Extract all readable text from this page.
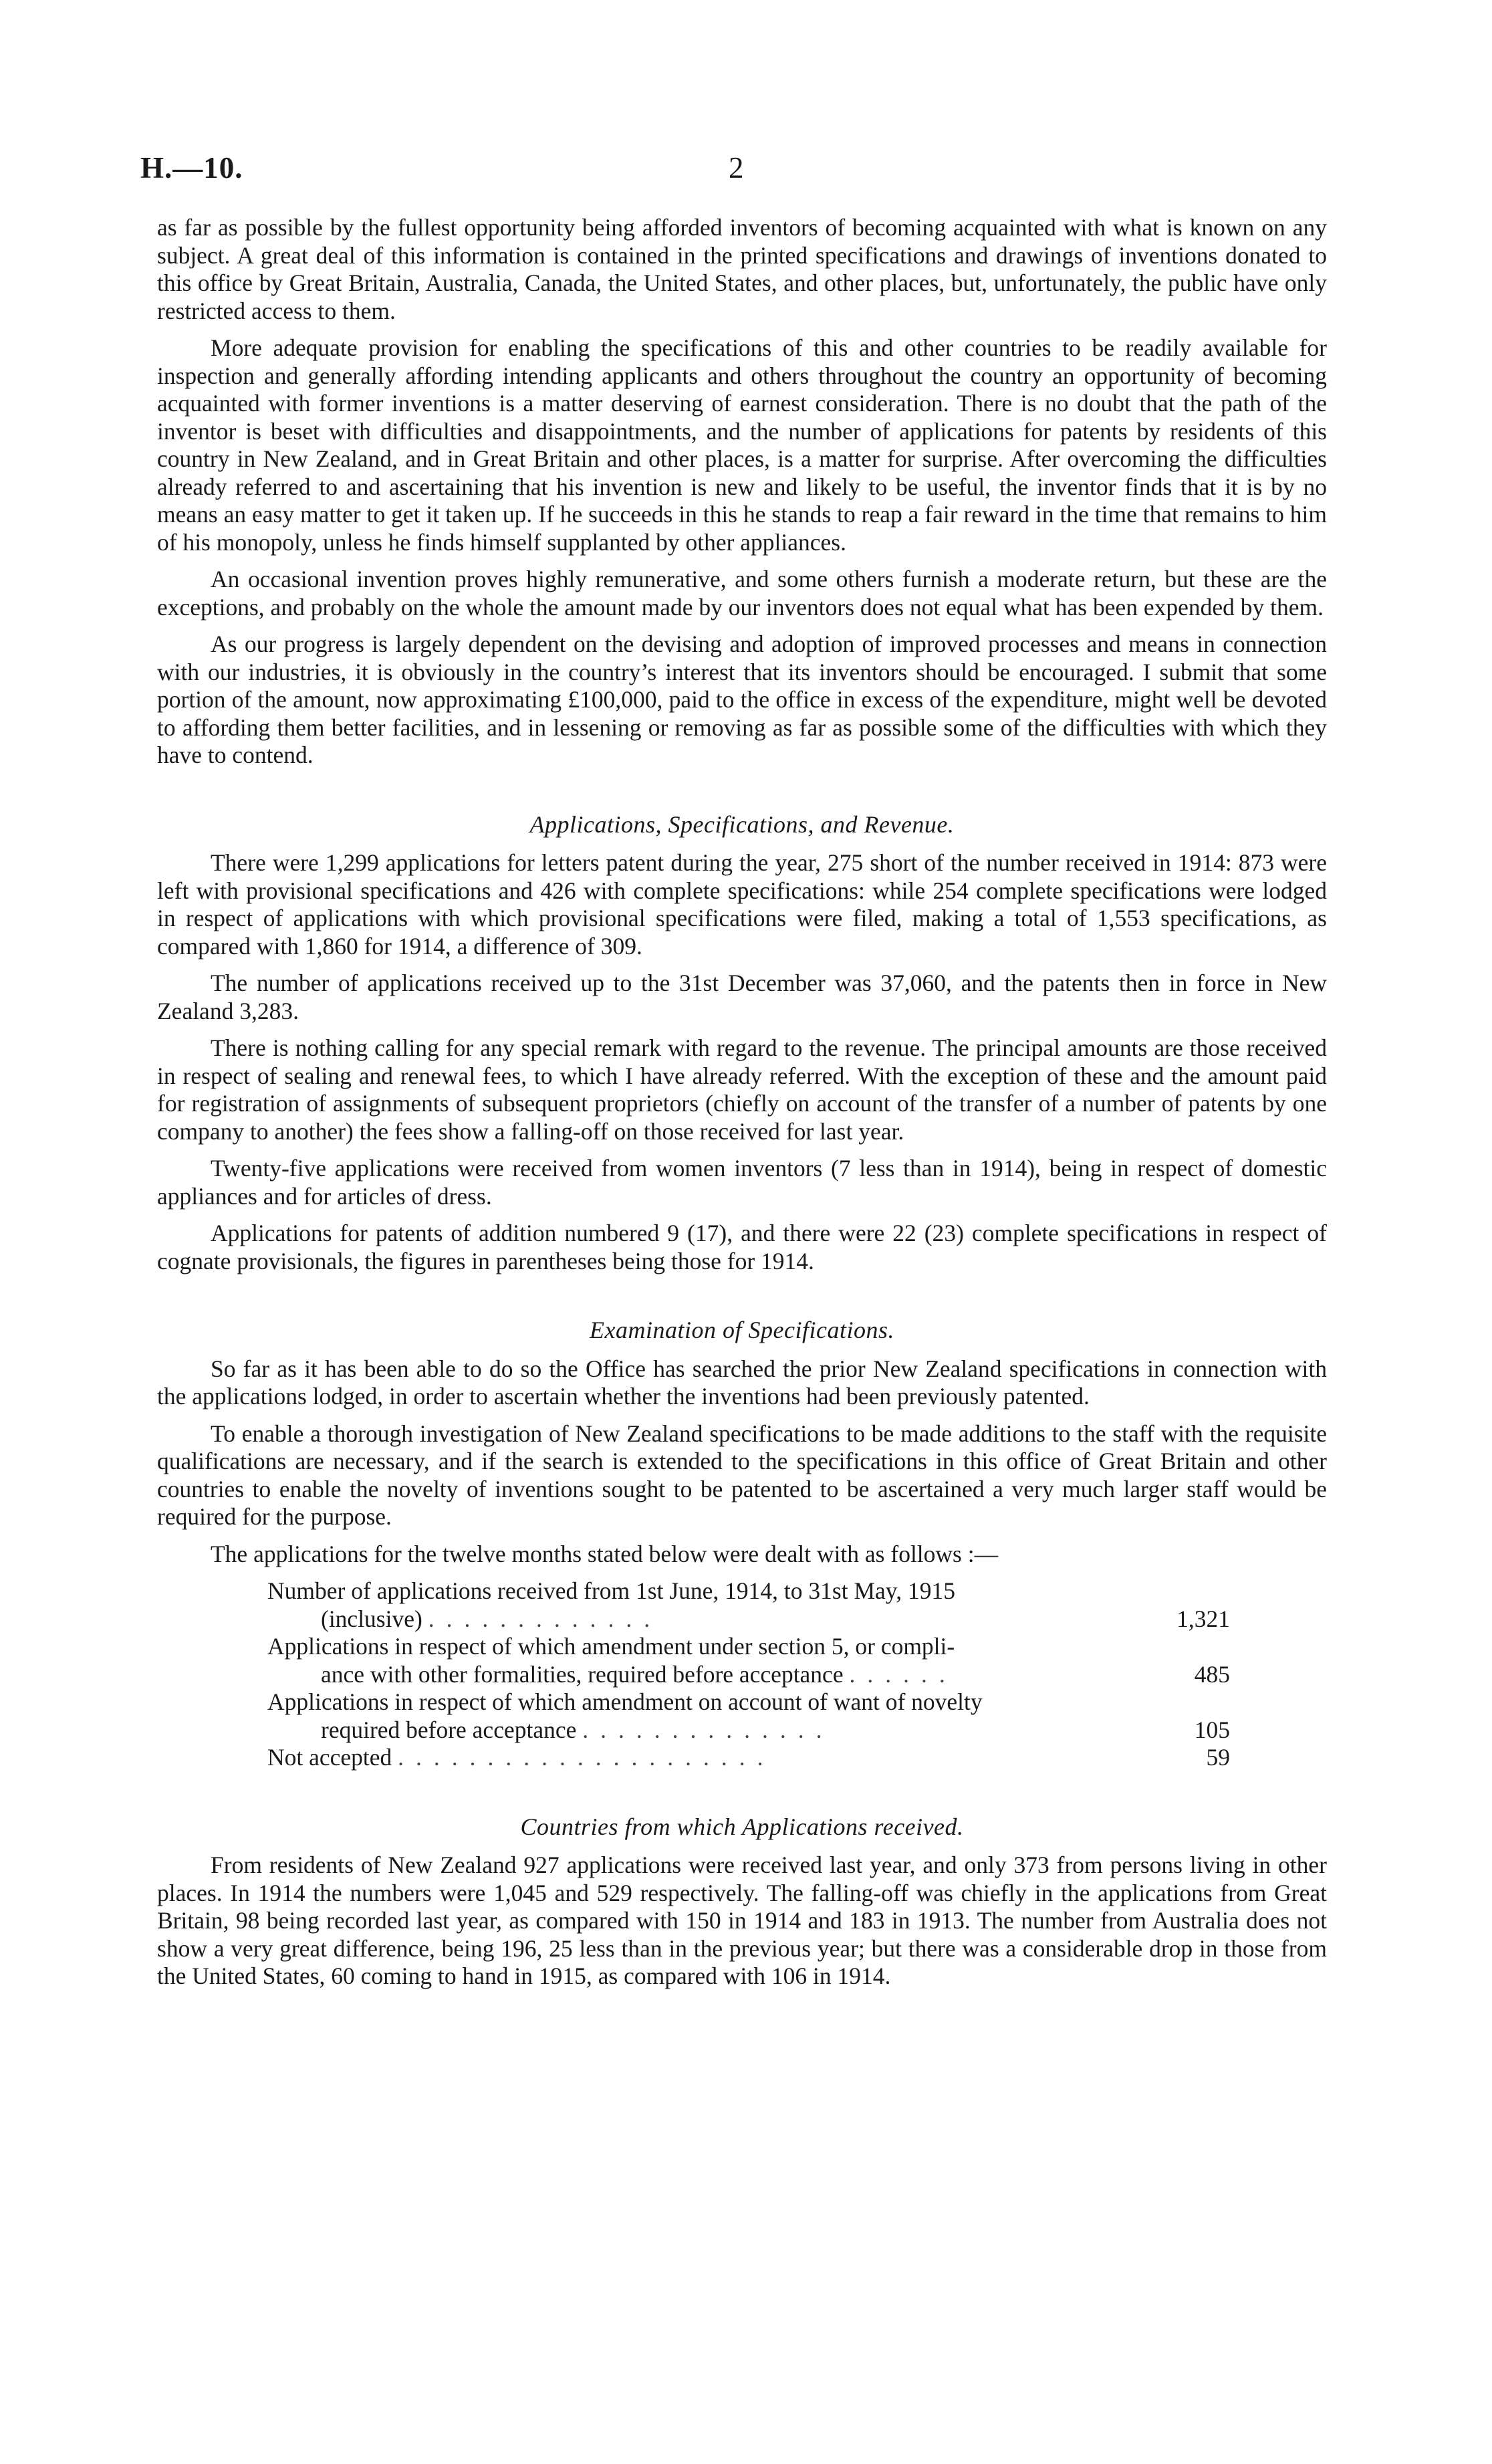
H.—10.	2

as far as possible by the fullest opportunity being afforded inventors of becoming acquainted with what is known on any subject. A great deal of this information is contained in the printed specifications and drawings of inventions donated to this office by Great Britain, Australia, Canada, the United States, and other places, but, unfortunately, the public have only restricted access to them.

More adequate provision for enabling the specifications of this and other countries to be readily available for inspection and generally affording intending applicants and others throughout the country an opportunity of becoming acquainted with former inventions is a matter deserving of earnest consideration. There is no doubt that the path of the inventor is beset with difficulties and disappointments, and the number of applications for patents by residents of this country in New Zealand, and in Great Britain and other places, is a matter for surprise. After overcoming the difficulties already referred to and ascertaining that his invention is new and likely to be useful, the inventor finds that it is by no means an easy matter to get it taken up. If he succeeds in this he stands to reap a fair reward in the time that remains to him of his monopoly, unless he finds himself supplanted by other appliances.

An occasional invention proves highly remunerative, and some others furnish a moderate return, but these are the exceptions, and probably on the whole the amount made by our inventors does not equal what has been expended by them.

As our progress is largely dependent on the devising and adoption of improved processes and means in connection with our industries, it is obviously in the country’s interest that its inventors should be encouraged. I submit that some portion of the amount, now approximating £100,000, paid to the office in excess of the expenditure, might well be devoted to affording them better facilities, and in lessening or removing as far as possible some of the difficulties with which they have to contend.

Applications, Specifications, and Revenue.

There were 1,299 applications for letters patent during the year, 275 short of the number received in 1914: 873 were left with provisional specifications and 426 with complete specifications: while 254 complete specifications were lodged in respect of applications with which provisional specifications were filed, making a total of 1,553 specifications, as compared with 1,860 for 1914, a difference of 309.

The number of applications received up to the 31st December was 37,060, and the patents then in force in New Zealand 3,283.

There is nothing calling for any special remark with regard to the revenue. The principal amounts are those received in respect of sealing and renewal fees, to which I have already referred. With the exception of these and the amount paid for registration of assignments of subsequent proprietors (chiefly on account of the transfer of a number of patents by one company to another) the fees show a falling-off on those received for last year.

Twenty-five applications were received from women inventors (7 less than in 1914), being in respect of domestic appliances and for articles of dress.

Applications for patents of addition numbered 9 (17), and there were 22 (23) complete specifications in respect of cognate provisionals, the figures in parentheses being those for 1914.

Examination of Specifications.

So far as it has been able to do so the Office has searched the prior New Zealand specifications in connection with the applications lodged, in order to ascertain whether the inventions had been previously patented.

To enable a thorough investigation of New Zealand specifications to be made additions to the staff with the requisite qualifications are necessary, and if the search is extended to the specifications in this office of Great Britain and other countries to enable the novelty of inventions sought to be patented to be ascertained a very much larger staff would be required for the purpose.

The applications for the twelve months stated below were dealt with as follows :—

Number of applications received from 1st June, 1914, to 31st May, 1915
(inclusive) .............	1,321
Applications in respect of which amendment under section 5, or compli-
ance with other formalities, required before acceptance ......	485
Applications in respect of which amendment on account of want of novelty
required before acceptance ..............	105
Not accepted .....................	59
Countries from which Applications received.

From residents of New Zealand 927 applications were received last year, and only 373 from persons living in other places. In 1914 the numbers were 1,045 and 529 respectively. The falling-off was chiefly in the applications from Great Britain, 98 being recorded last year, as compared with 150 in 1914 and 183 in 1913. The number from Australia does not show a very great difference, being 196, 25 less than in the previous year; but there was a considerable drop in those from the United States, 60 coming to hand in 1915, as compared with 106 in 1914.
